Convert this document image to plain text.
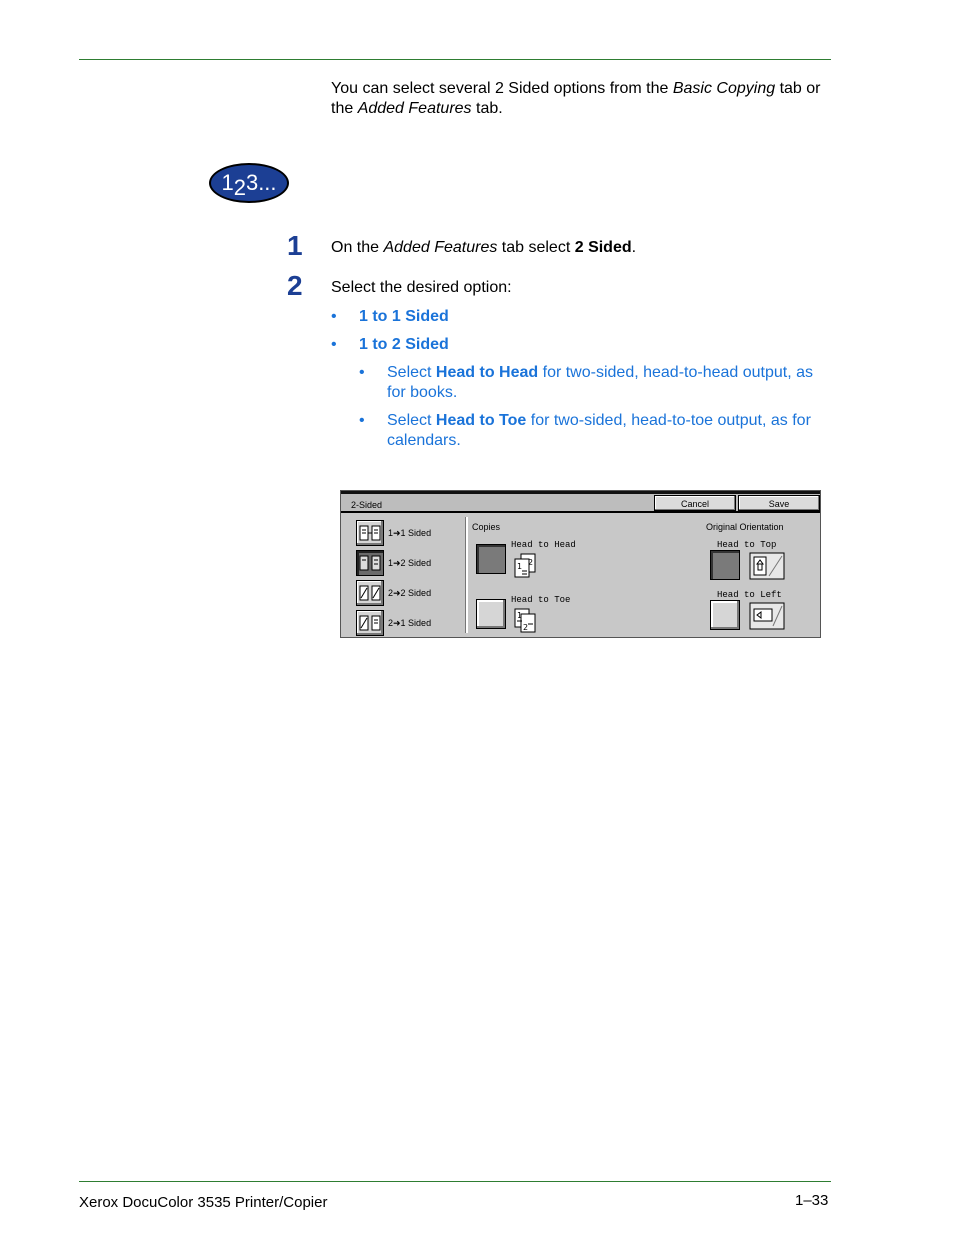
You can select several 2 Sided options from the Basic Copying tab or the Added Features tab.

1 2 3...
1 On the Added Features tab select 2 Sided.
2 Select the desired option:
• 1 to 1 Sided
• 1 to 2 Sided
• Select Head to Head for two-sided, head-to-head output, as for books.
• Select Head to Toe for two-sided, head-to-toe output, as for calendars.
2-Sided	Cancel	Save
1➜1 Sided
1➜2 Sided
2➜2 Sided
2➜1 Sided
Copies
Head to Head
2
1
Head to Toe
1
2
Original Orientation
Head to Top
Head to Left
Xerox DocuColor 3535 Printer/Copier	1–33
